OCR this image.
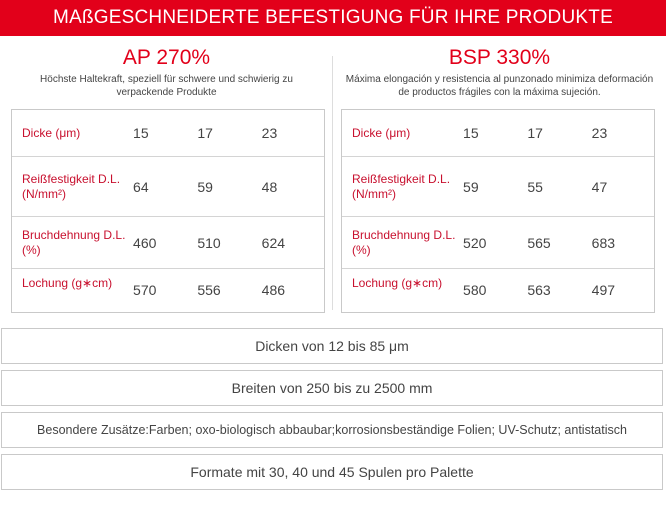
MAßGESCHNEIDERTE BEFESTIGUNG FÜR IHRE PRODUKTE
AP 270%
Höchste Haltekraft, speziell für schwere und schwierig zu verpackende Produkte
Dicke (μm)	15	17	23
Reißfestigkeit D.L. (N/mm²)	64	59	48
Bruchdehnung D.L. (%)	460	510	624
Lochung (g∗cm)	570	556	486
BSP 330%
Máxima elongación y resistencia al punzonado minimiza deformación de productos frágiles con la máxima sujeción.
Dicke (μm)	15	17	23
Reißfestigkeit D.L. (N/mm²)	59	55	47
Bruchdehnung D.L. (%)	520	565	683
Lochung (g∗cm)	580	563	497
Dicken von 12 bis 85 μm
Breiten von 250 bis zu 2500 mm
Besondere Zusätze:Farben; oxo-biologisch abbaubar;korrosionsbeständige Folien; UV-Schutz; antistatisch
Formate mit 30, 40 und 45 Spulen pro Palette
